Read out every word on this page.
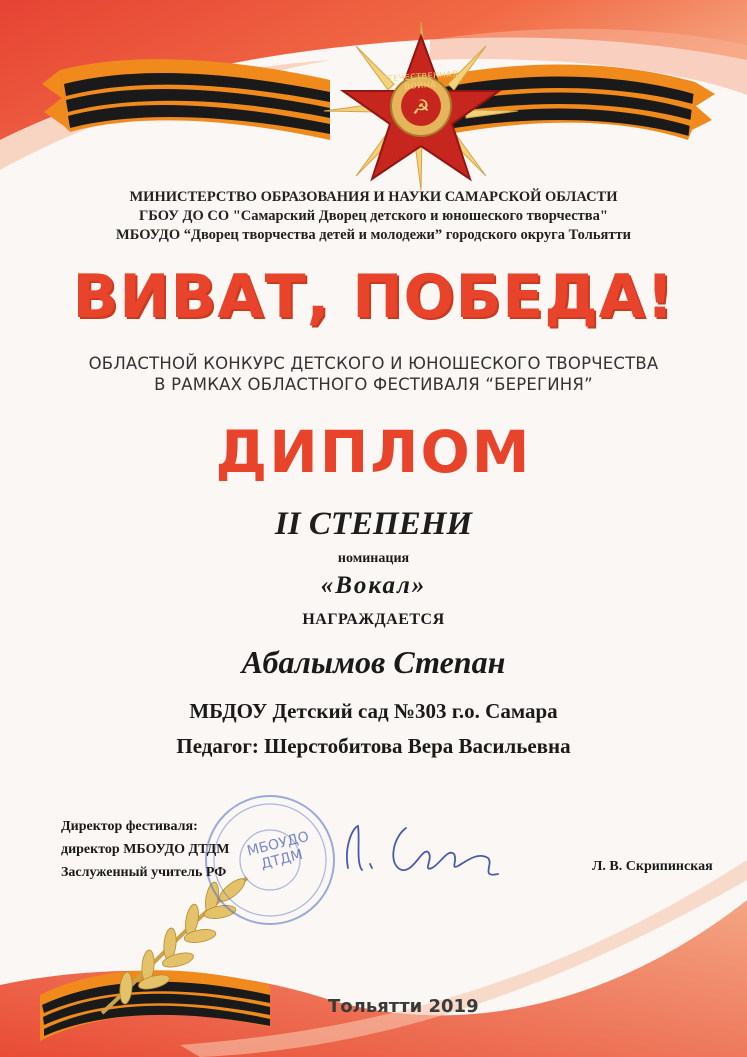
☭
ОТЕЧЕСТВЕННАЯ ВОЙНА
МИНИСТЕРСТВО ОБРАЗОВАНИЯ И НАУКИ САМАРСКОЙ ОБЛАСТИ
ГБОУ ДО СО "Самарский Дворец детского и юношеского творчества"
МБОУДО “Дворец творчества детей и молодежи” городского округа Тольятти
ВИВАТ, ПОБЕДА!
ОБЛАСТНОЙ КОНКУРС ДЕТСКОГО И ЮНОШЕСКОГО ТВОРЧЕСТВА
В РАМКАХ ОБЛАСТНОГО ФЕСТИВАЛЯ “БЕРЕГИНЯ”
ДИПЛОМ
II СТЕПЕНИ
номинация
«Вокал»
НАГРАЖДАЕТСЯ
Абалымов Степан
МБДОУ Детский сад №303 г.о. Самара
Педагог: Шерстобитова Вера Васильевна
МБОУДО ДТДМ
Директор фестиваля:
директор МБОУДО ДТДМ
Заслуженный учитель РФ	Л. В. Скрипинская
Тольятти 2019
